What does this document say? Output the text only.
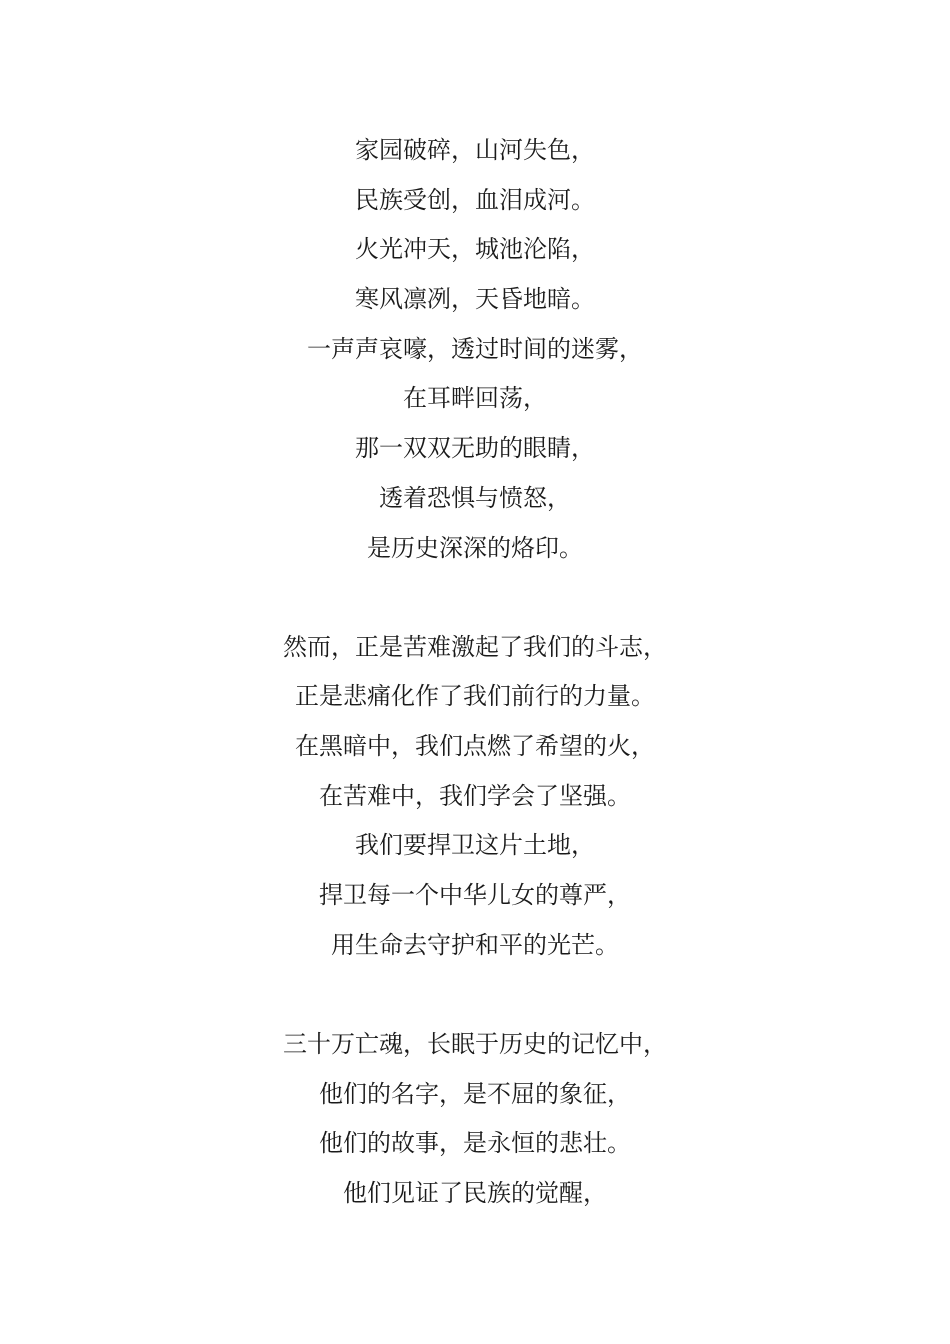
家园破碎，山河失色，
民族受创，血泪成河。
火光冲天，城池沦陷，
寒风凛冽，天昏地暗。
一声声哀嚎，透过时间的迷雾，
在耳畔回荡，
那一双双无助的眼睛，
透着恐惧与愤怒，
是历史深深的烙印。
然而，正是苦难激起了我们的斗志，
正是悲痛化作了我们前行的力量。
在黑暗中，我们点燃了希望的火，
在苦难中，我们学会了坚强。
我们要捍卫这片土地，
捍卫每一个中华儿女的尊严，
用生命去守护和平的光芒。
三十万亡魂，长眠于历史的记忆中，
他们的名字，是不屈的象征，
他们的故事，是永恒的悲壮。
他们见证了民族的觉醒，
